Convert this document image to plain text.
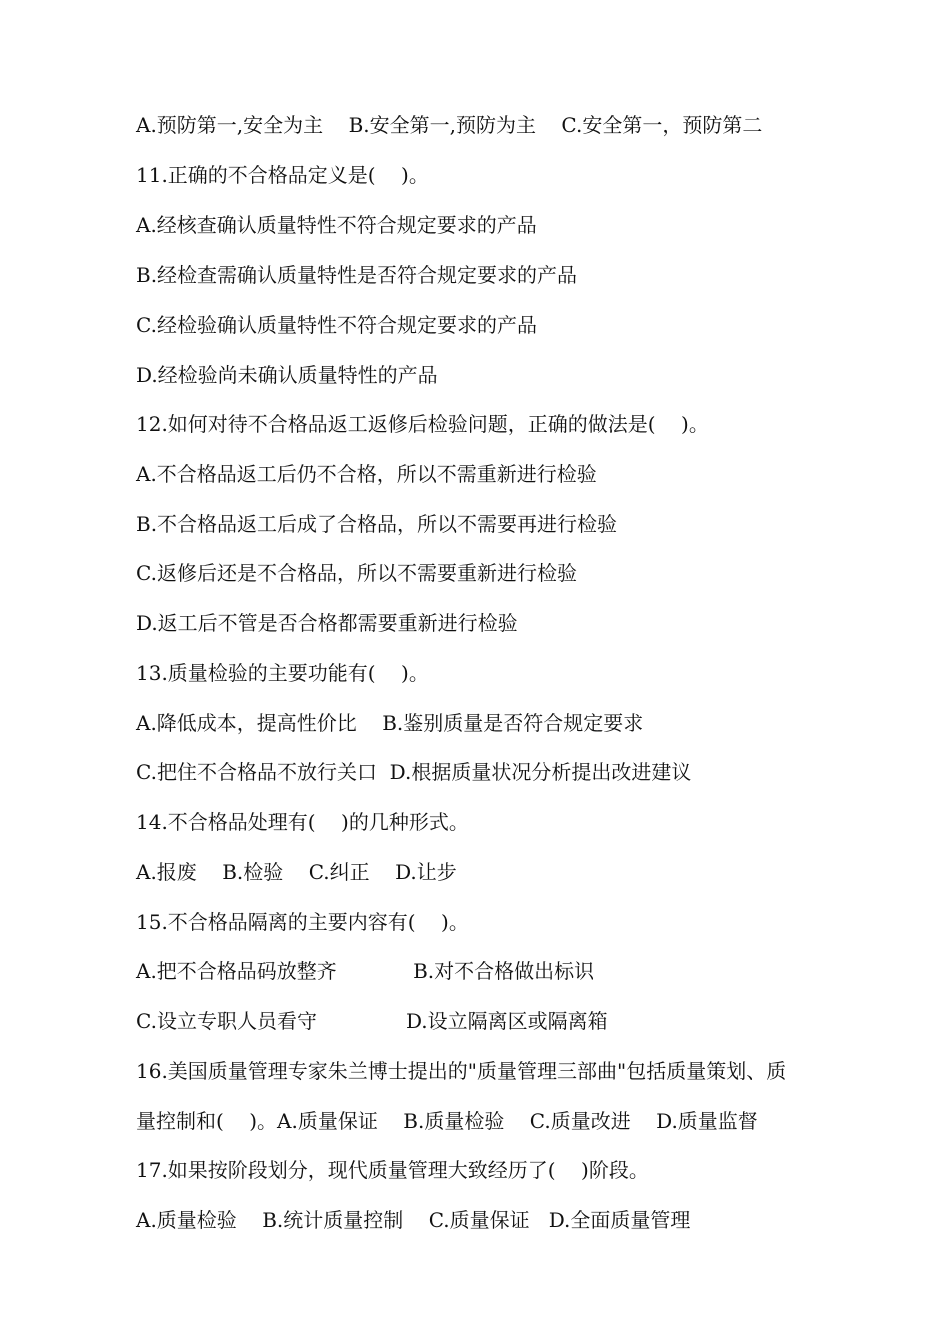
A.预防第一,安全为主    B.安全第一,预防为主    C.安全第一，预防第二
11.正确的不合格品定义是(    )。
A.经核查确认质量特性不符合规定要求的产品
B.经检查需确认质量特性是否符合规定要求的产品
C.经检验确认质量特性不符合规定要求的产品
D.经检验尚未确认质量特性的产品
12.如何对待不合格品返工返修后检验问题，正确的做法是(    )。
A.不合格品返工后仍不合格，所以不需重新进行检验
B.不合格品返工后成了合格品，所以不需要再进行检验
C.返修后还是不合格品，所以不需要重新进行检验
D.返工后不管是否合格都需要重新进行检验
13.质量检验的主要功能有(    )。
A.降低成本，提高性价比    B.鉴别质量是否符合规定要求
C.把住不合格品不放行关口  D.根据质量状况分析提出改进建议
14.不合格品处理有(    )的几种形式。
A.报废    B.检验    C.纠正    D.让步
15.不合格品隔离的主要内容有(    )。
A.把不合格品码放整齐            B.对不合格做出标识
C.设立专职人员看守              D.设立隔离区或隔离箱
16.美国质量管理专家朱兰博士提出的"质量管理三部曲"包括质量策划、质
量控制和(    )。A.质量保证    B.质量检验    C.质量改进    D.质量监督
17.如果按阶段划分，现代质量管理大致经历了(    )阶段。
A.质量检验    B.统计质量控制    C.质量保证   D.全面质量管理
